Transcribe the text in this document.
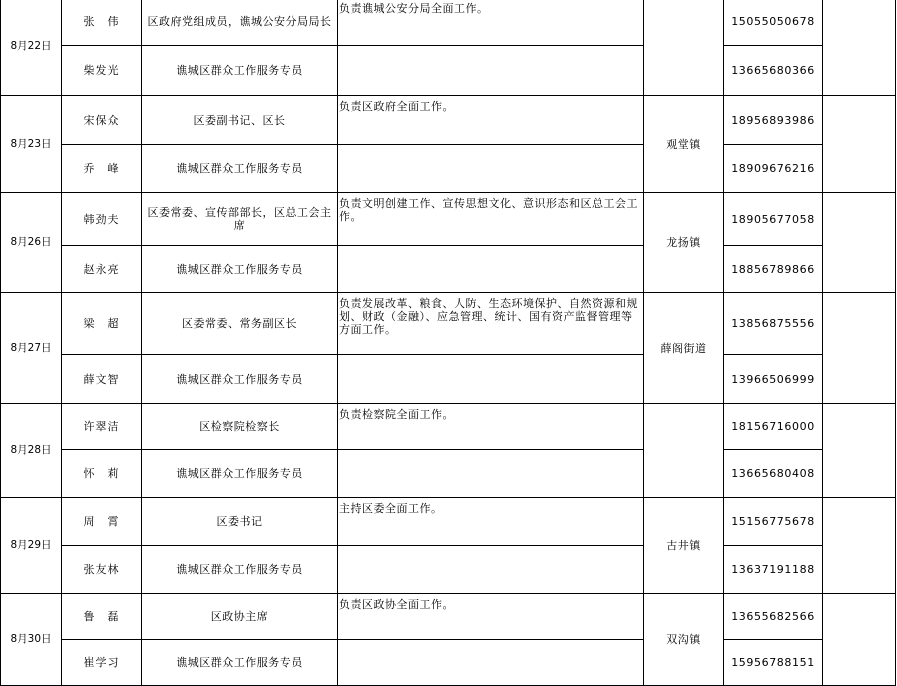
8月22日	张　伟	区政府党组成员，谯城公安分局局长	负责谯城公安分局全面工作。		15055050678	
	柴发光	谯城区群众工作服务专员			13665680366	
8月23日	宋保众	区委副书记、区长	负责区政府全面工作。	观堂镇	18956893986	
	乔　峰	谯城区群众工作服务专员			18909676216	
8月26日	韩劲夫	区委常委、宣传部部长，区总工会主席	负责文明创建工作、宣传思想文化、意识形态和区总工会工作。	龙扬镇	18905677058	
	赵永亮	谯城区群众工作服务专员			18856789866	
8月27日	梁　超	区委常委、常务副区长	负责发展改革、粮食、人防、生态环境保护、自然资源和规划、财政（金融）、应急管理、统计、国有资产监督管理等方面工作。	薛阁街道	13856875556	
	薛文智	谯城区群众工作服务专员			13966506999	
8月28日	许翠洁	区检察院检察长	负责检察院全面工作。		18156716000	
	怀　莉	谯城区群众工作服务专员			13665680408	
8月29日	周　霄	区委书记	主持区委全面工作。	古井镇	15156775678	
	张友林	谯城区群众工作服务专员			13637191188	
8月30日	鲁　磊	区政协主席	负责区政协全面工作。	双沟镇	13655682566	
	崔学习	谯城区群众工作服务专员			15956788151	
